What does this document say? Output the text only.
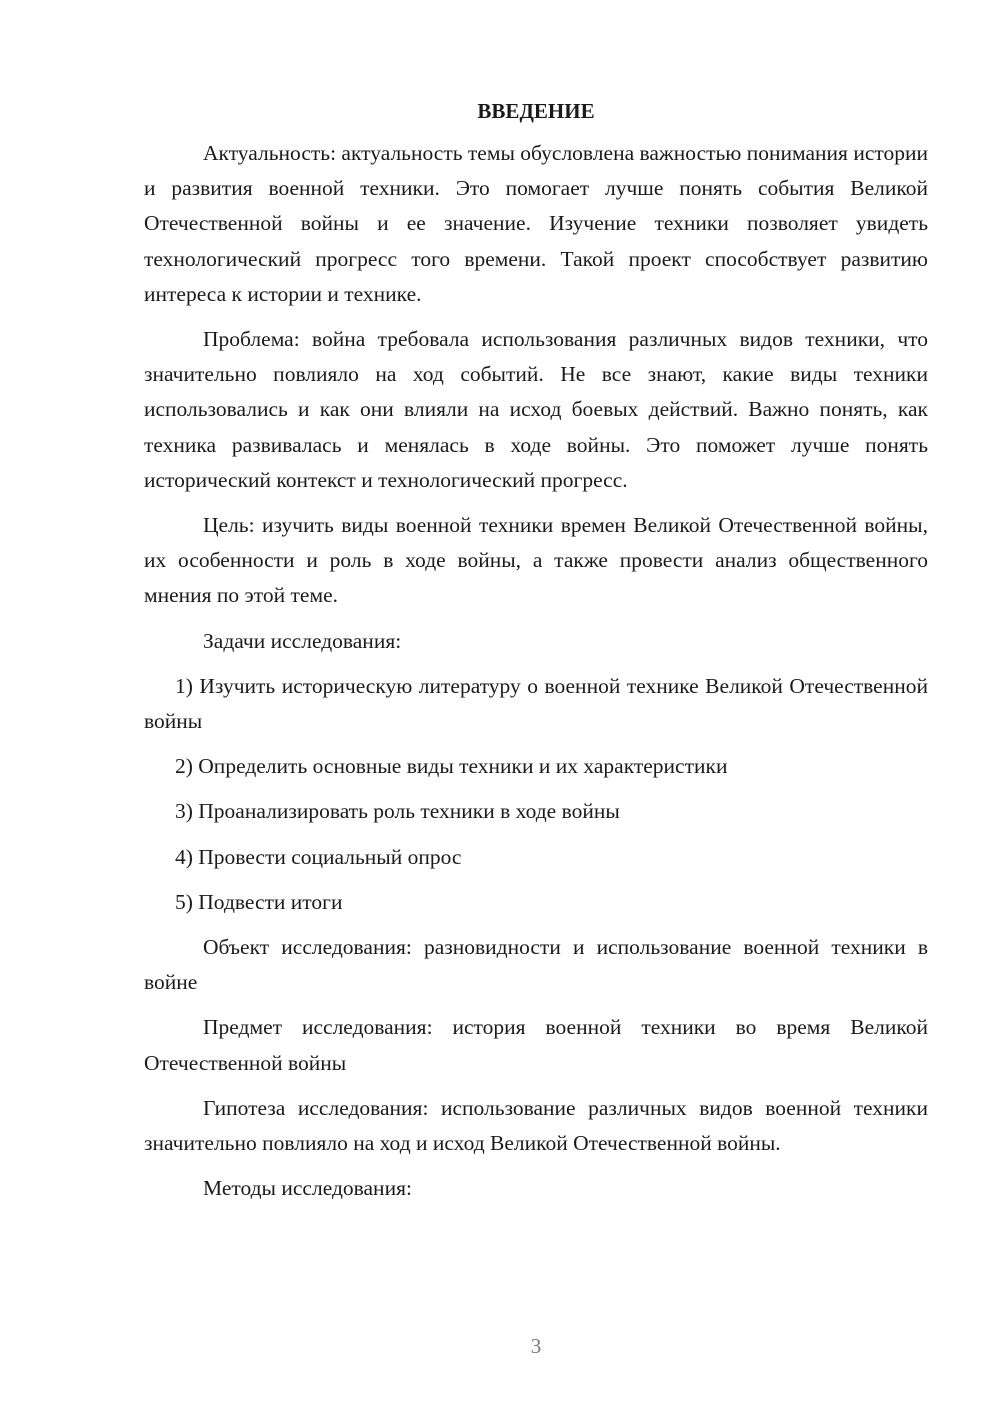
ВВЕДЕНИЕ

Актуальность: актуальность темы обусловлена важностью понимания истории и развития военной техники. Это помогает лучше понять события Великой Отечественной войны и ее значение. Изучение техники позволяет увидеть технологический прогресс того времени. Такой проект способствует развитию интереса к истории и технике.

Проблема: война требовала использования различных видов техники, что значительно повлияло на ход событий. Не все знают, какие виды техники использовались и как они влияли на исход боевых действий. Важно понять, как техника развивалась и менялась в ходе войны. Это поможет лучше понять исторический контекст и технологический прогресс.

Цель: изучить виды военной техники времен Великой Отечественной войны, их особенности и роль в ходе войны, а также провести анализ общественного мнения по этой теме.

Задачи исследования:

1) Изучить историческую литературу о военной технике Великой Отечественной войны
2) Определить основные виды техники и их характеристики
3) Проанализировать роль техники в ходе войны
4) Провести социальный опрос
5) Подвести итоги

Объект исследования: разновидности и использование военной техники в войне

Предмет исследования: история военной техники во время Великой Отечественной войны

Гипотеза исследования: использование различных видов военной техники значительно повлияло на ход и исход Великой Отечественной войны.

Методы исследования:

3
